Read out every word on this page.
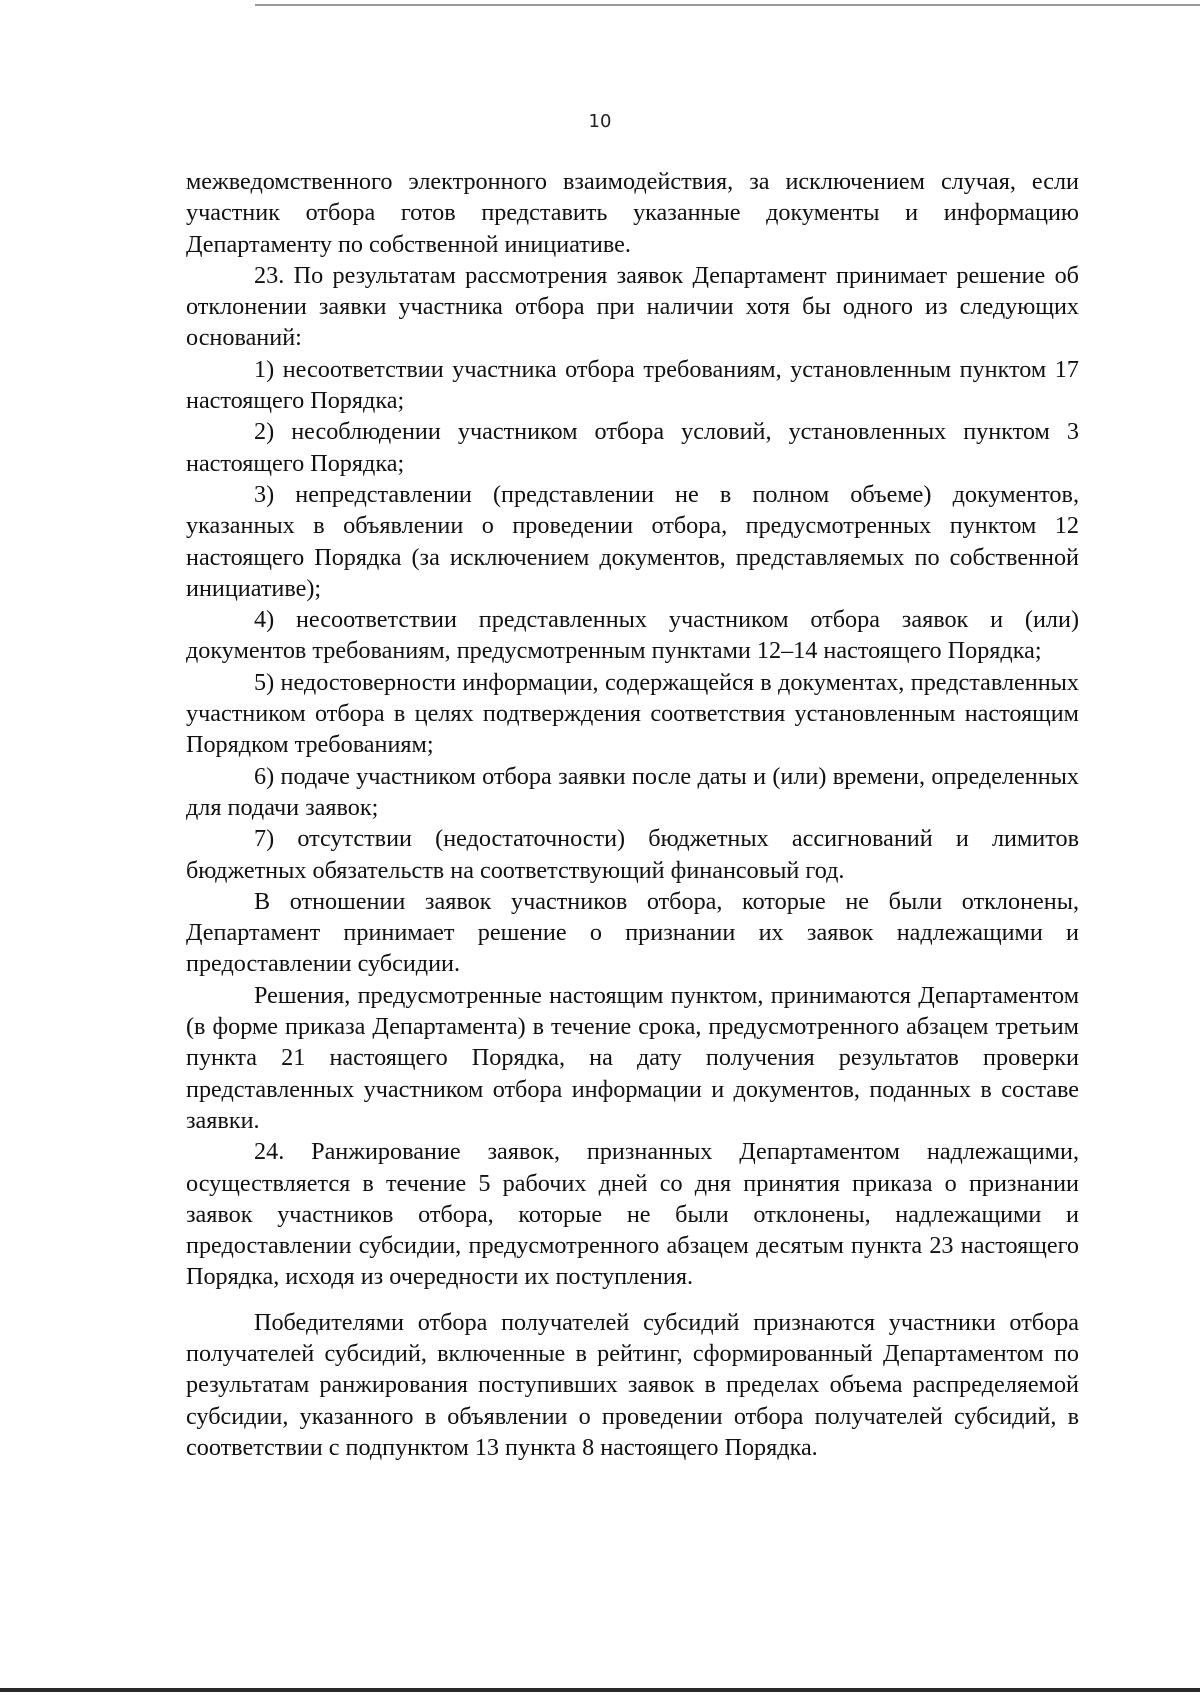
10

межведомственного электронного взаимодействия, за исключением случая, если участник отбора готов представить указанные документы и информацию Департаменту по собственной инициативе.

23. По результатам рассмотрения заявок Департамент принимает решение об отклонении заявки участника отбора при наличии хотя бы одного из следующих оснований:

1) несоответствии участника отбора требованиям, установленным пунктом 17 настоящего Порядка;

2) несоблюдении участником отбора условий, установленных пунктом 3 настоящего Порядка;

3) непредставлении (представлении не в полном объеме) документов, указанных в объявлении о проведении отбора, предусмотренных пунктом 12 настоящего Порядка (за исключением документов, представляемых по собственной инициативе);

4) несоответствии представленных участником отбора заявок и (или) документов требованиям, предусмотренным пунктами 12–14 настоящего Порядка;

5) недостоверности информации, содержащейся в документах, представленных участником отбора в целях подтверждения соответствия установленным настоящим Порядком требованиям;

6) подаче участником отбора заявки после даты и (или) времени, определенных для подачи заявок;

7) отсутствии (недостаточности) бюджетных ассигнований и лимитов бюджетных обязательств на соответствующий финансовый год.

В отношении заявок участников отбора, которые не были отклонены, Департамент принимает решение о признании их заявок надлежащими и предоставлении субсидии.

Решения, предусмотренные настоящим пунктом, принимаются Департаментом (в форме приказа Департамента) в течение срока, предусмотренного абзацем третьим пункта 21 настоящего Порядка, на дату получения результатов проверки представленных участником отбора информации и документов, поданных в составе заявки.

24. Ранжирование заявок, признанных Департаментом надлежащими, осуществляется в течение 5 рабочих дней со дня принятия приказа о признании заявок участников отбора, которые не были отклонены, надлежащими и предоставлении субсидии, предусмотренного абзацем десятым пункта 23 настоящего Порядка, исходя из очередности их поступления.

Победителями отбора получателей субсидий признаются участники отбора получателей субсидий, включенные в рейтинг, сформированный Департаментом по результатам ранжирования поступивших заявок в пределах объема распределяемой субсидии, указанного в объявлении о проведении отбора получателей субсидий, в соответствии с подпунктом 13 пункта 8 настоящего Порядка.
